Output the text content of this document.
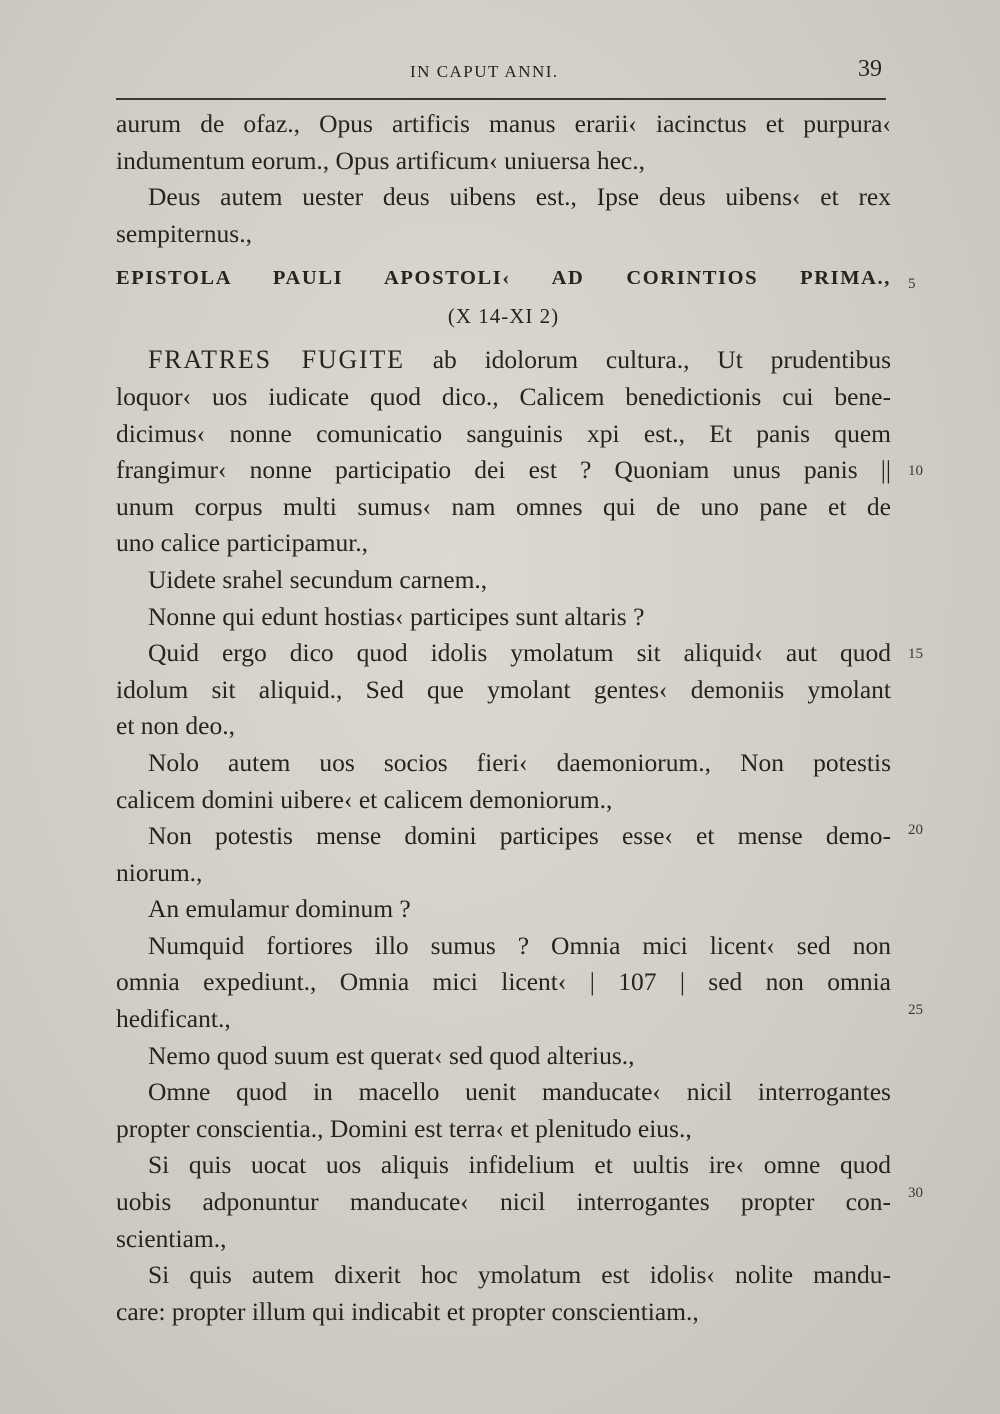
IN CAPUT ANNI.	39
aurum de ofaz., Opus artificis manus erarii‹ iacinctus et purpura‹
indumentum eorum., Opus artificum‹ uniuersa hec.,
Deus autem uester deus uibens est., Ipse deus uibens‹ et rex
sempiternus.,
EPISTOLA PAULI APOSTOLI‹ AD CORINTIOS PRIMA.,
(X 14-XI 2)
FRATRES FUGITE ab idolorum cultura., Ut prudentibus
loquor‹ uos iudicate quod dico., Calicem benedictionis cui bene-
dicimus‹ nonne comunicatio sanguinis xpi est., Et panis quem
frangimur‹ nonne participatio dei est ? Quoniam unus panis ||
unum corpus multi sumus‹ nam omnes qui de uno pane et de
uno calice participamur.,
Uidete srahel secundum carnem.,
Nonne qui edunt hostias‹ participes sunt altaris ?
Quid ergo dico quod idolis ymolatum sit aliquid‹ aut quod
idolum sit aliquid., Sed que ymolant gentes‹ demoniis ymolant
et non deo.,
Nolo autem uos socios fieri‹ daemoniorum., Non potestis
calicem domini uibere‹ et calicem demoniorum.,
Non potestis mense domini participes esse‹ et mense demo-
niorum.,
An emulamur dominum ?
Numquid fortiores illo sumus ? Omnia mici licent‹ sed non
omnia expediunt., Omnia mici licent‹ | 107 | sed non omnia
hedificant.,
Nemo quod suum est querat‹ sed quod alterius.,
Omne quod in macello uenit manducate‹ nicil interrogantes
propter conscientia., Domini est terra‹ et plenitudo eius.,
Si quis uocat uos aliquis infidelium et uultis ire‹ omne quod
uobis adponuntur manducate‹ nicil interrogantes propter con-
scientiam.,
Si quis autem dixerit hoc ymolatum est idolis‹ nolite mandu-
care: propter illum qui indicabit et propter conscientiam.,
5
10
15
20
25
30
